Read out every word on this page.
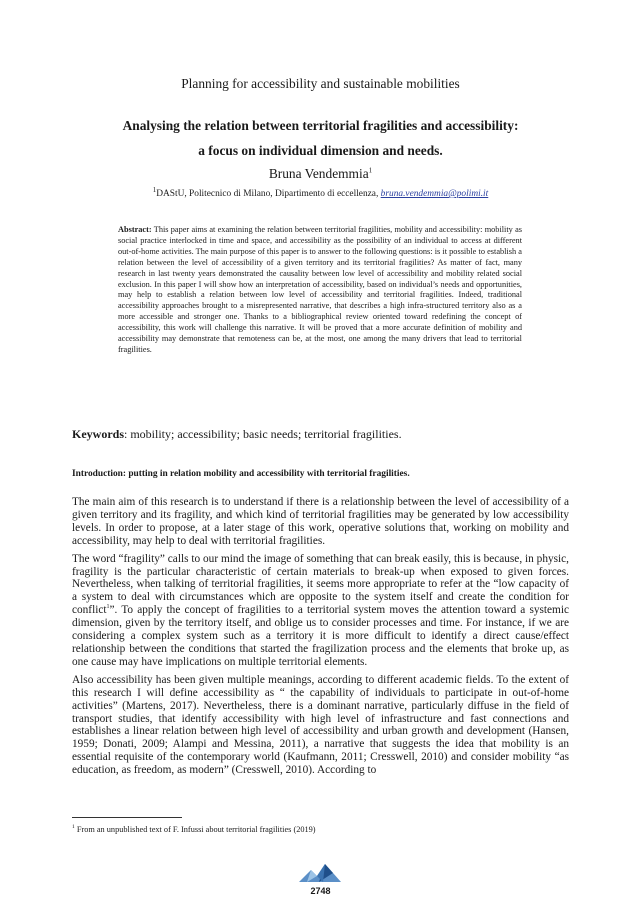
Planning for accessibility and sustainable mobilities
Analysing the relation between territorial fragilities and accessibility:
a focus on individual dimension and needs.
Bruna Vendemmia$^1$
$^1$DAStU, Politecnico di Milano, Dipartimento di eccellenza, bruna.vendemmia@polimi.it
Abstract: This paper aims at examining the relation between territorial fragilities, mobility and accessibility: mobility as social practice interlocked in time and space, and accessibility as the possibility of an individual to access at different out-of-home activities. The main purpose of this paper is to answer to the following questions: is it possible to establish a relation between the level of accessibility of a given territory and its territorial fragilities? As matter of fact, many research in last twenty years demonstrated the causality between low level of accessibility and mobility related social exclusion. In this paper I will show how an interpretation of accessibility, based on individual’s needs and opportunities, may help to establish a relation between low level of accessibility and territorial fragilities. Indeed, traditional accessibility approaches brought to a misrepresented narrative, that describes a high infra-structured territory also as a more accessible and stronger one. Thanks to a bibliographical review oriented toward redefining the concept of accessibility, this work will challenge this narrative. It will be proved that a more accurate definition of mobility and accessibility may demonstrate that remoteness can be, at the most, one among the many drivers that lead to territorial fragilities.
Keywords: mobility; accessibility; basic needs; territorial fragilities.
Introduction: putting in relation mobility and accessibility with territorial fragilities.

The main aim of this research is to understand if there is a relationship between the level of accessibility of a given territory and its fragility, and which kind of territorial fragilities may be generated by low accessibility levels. In order to propose, at a later stage of this work, operative solutions that, working on mobility and accessibility, may help to deal with territorial fragilities.

The word “fragility” calls to our mind the image of something that can break easily, this is because, in physic, fragility is the particular characteristic of certain materials to break-up when exposed to given forces. Nevertheless, when talking of territorial fragilities, it seems more appropriate to refer at the “low capacity of a system to deal with circumstances which are opposite to the system itself and create the condition for conflict$^1$”. To apply the concept of fragilities to a territorial system moves the attention toward a systemic dimension, given by the territory itself, and oblige us to consider processes and time. For instance, if we are considering a complex system such as a territory it is more difficult to identify a direct cause/effect relationship between the conditions that started the fragilization process and the elements that broke up, as one cause may have implications on multiple territorial elements.

Also accessibility has been given multiple meanings, according to different academic fields. To the extent of this research I will define accessibility as “ the capability of individuals to participate in out-of-home activities” (Martens, 2017). Nevertheless, there is a dominant narrative, particularly diffuse in the field of transport studies, that identify accessibility with high level of infrastructure and fast connections and establishes a linear relation between high level of accessibility and urban growth and development (Hansen, 1959; Donati, 2009; Alampi and Messina, 2011), a narrative that suggests the idea that mobility is an essential requisite of the contemporary world (Kaufmann, 2011; Cresswell, 2010) and consider mobility “as education, as freedom, as modern” (Cresswell, 2010). According to

$^1$ From an unpublished text of F. Infussi about territorial fragilities (2019)
2748
